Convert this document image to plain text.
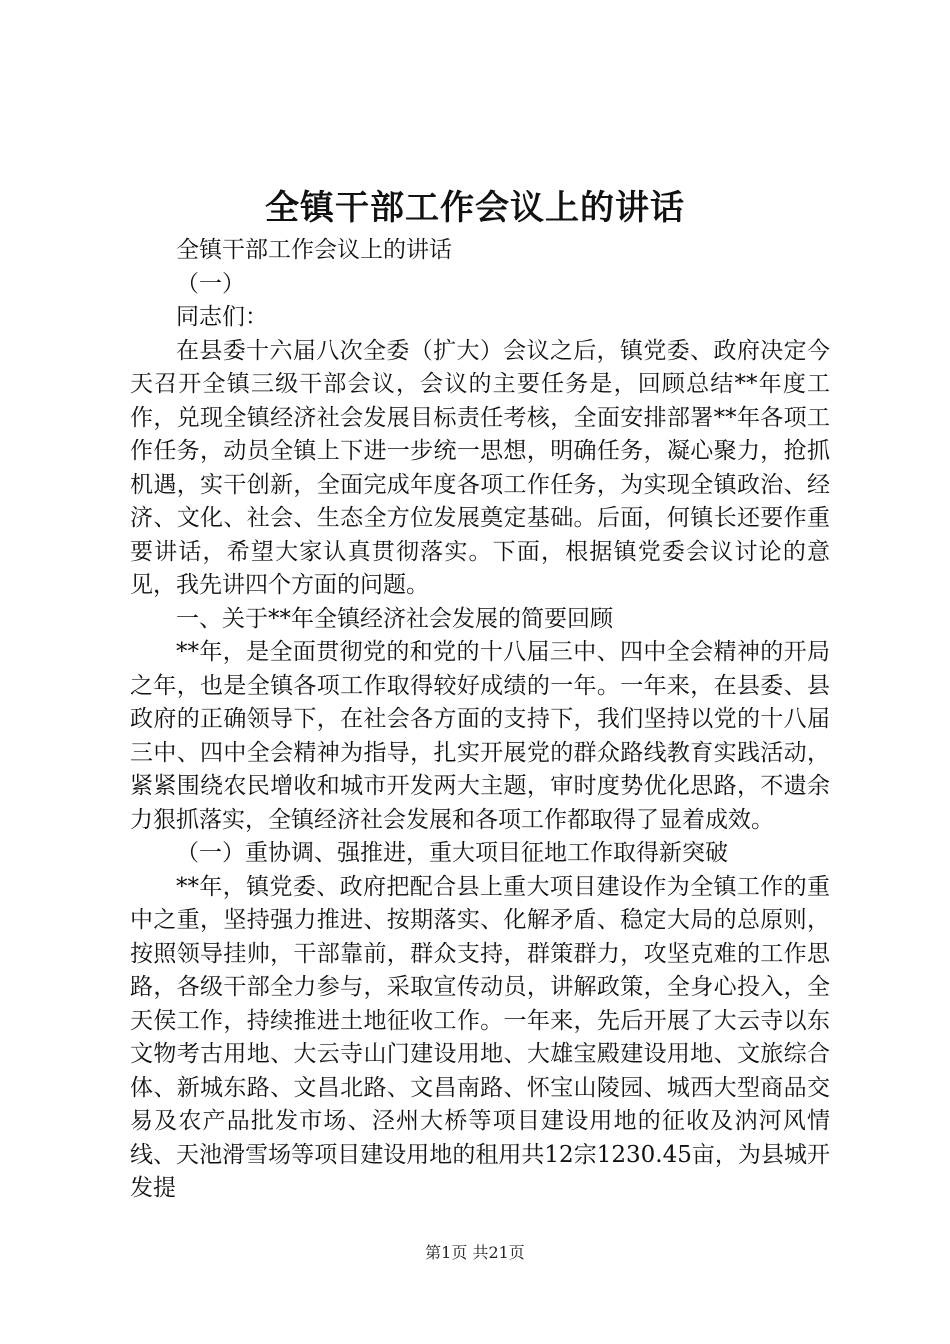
全镇干部工作会议上的讲话

全镇干部工作会议上的讲话

（一）

同志们：

在县委十六届八次全委（扩大）会议之后，镇党委、政府决定今天召开全镇三级干部会议，会议的主要任务是，回顾总结**年度工作，兑现全镇经济社会发展目标责任考核，全面安排部署**年各项工作任务，动员全镇上下进一步统一思想，明确任务，凝心聚力，抢抓机遇，实干创新，全面完成年度各项工作任务，为实现全镇政治、经济、文化、社会、生态全方位发展奠定基础。后面，何镇长还要作重要讲话，希望大家认真贯彻落实。下面，根据镇党委会议讨论的意见，我先讲四个方面的问题。

一、关于**年全镇经济社会发展的简要回顾

**年，是全面贯彻党的和党的十八届三中、四中全会精神的开局之年，也是全镇各项工作取得较好成绩的一年。一年来，在县委、县政府的正确领导下，在社会各方面的支持下，我们坚持以党的十八届三中、四中全会精神为指导，扎实开展党的群众路线教育实践活动，紧紧围绕农民增收和城市开发两大主题，审时度势优化思路，不遗余力狠抓落实，全镇经济社会发展和各项工作都取得了显着成效。

（一）重协调、强推进，重大项目征地工作取得新突破

**年，镇党委、政府把配合县上重大项目建设作为全镇工作的重中之重，坚持强力推进、按期落实、化解矛盾、稳定大局的总原则，按照领导挂帅，干部靠前，群众支持，群策群力，攻坚克难的工作思路，各级干部全力参与，采取宣传动员，讲解政策，全身心投入，全天侯工作，持续推进土地征收工作。一年来，先后开展了大云寺以东文物考古用地、大云寺山门建设用地、大雄宝殿建设用地、文旅综合体、新城东路、文昌北路、文昌南路、怀宝山陵园、城西大型商品交易及农产品批发市场、泾州大桥等项目建设用地的征收及汭河风情线、天池滑雪场等项目建设用地的租用共12宗1230.45亩，为县城开发提

第1页 共21页
